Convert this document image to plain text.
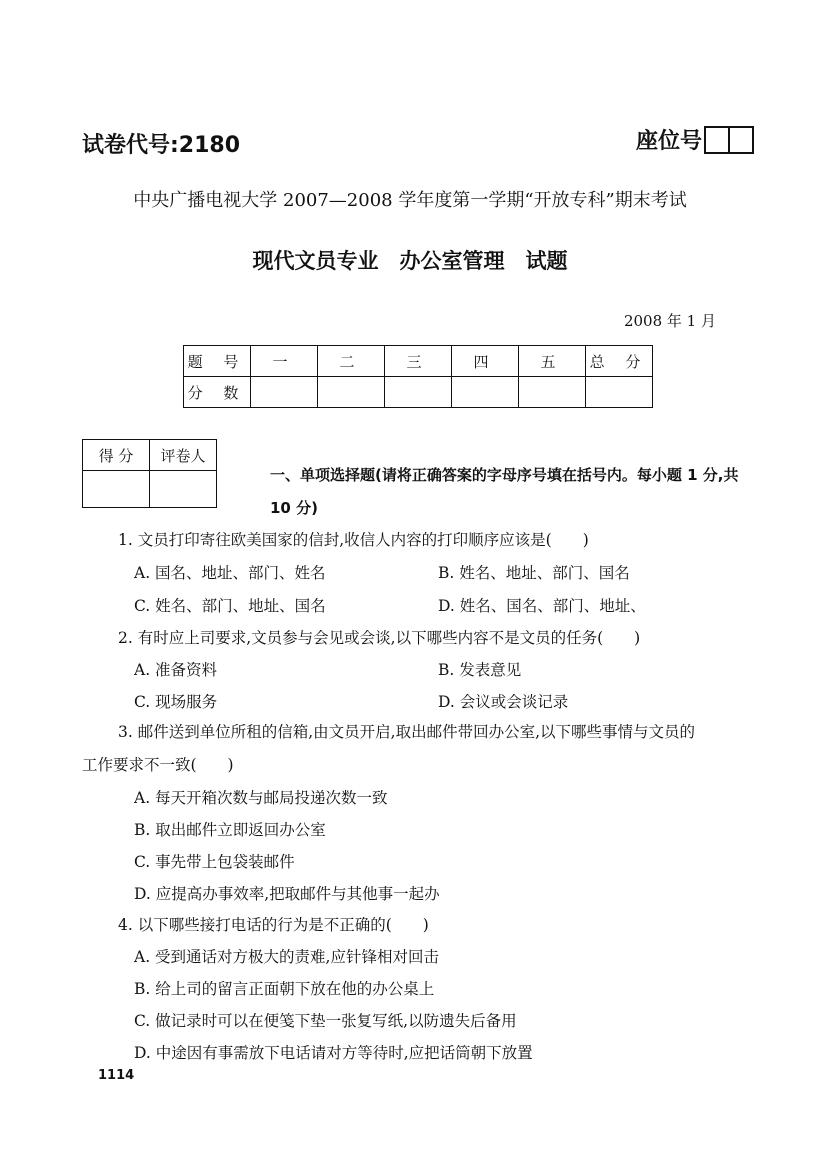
试卷代号:2180	座位号
中央广播电视大学 2007—2008 学年度第一学期“开放专科”期末考试
现代文员专业　办公室管理　试题
2008 年 1 月
题 号	一	二	三	四	五	总 分
分 数						
得 分	评卷人

一、单项选择题(请将正确答案的字母序号填在括号内。每小题 1 分,共 10 分)
1. 文员打印寄往欧美国家的信封,收信人内容的打印顺序应该是(　　)
A. 国名、地址、部门、姓名	B. 姓名、地址、部门、国名
C. 姓名、部门、地址、国名	D. 姓名、国名、部门、地址、
2. 有时应上司要求,文员参与会见或会谈,以下哪些内容不是文员的任务(　　)
A. 准备资料	B. 发表意见
C. 现场服务	D. 会议或会谈记录
3. 邮件送到单位所租的信箱,由文员开启,取出邮件带回办公室,以下哪些事情与文员的
工作要求不一致(　　)
A. 每天开箱次数与邮局投递次数一致
B. 取出邮件立即返回办公室
C. 事先带上包袋装邮件
D. 应提高办事效率,把取邮件与其他事一起办
4. 以下哪些接打电话的行为是不正确的(　　)
A. 受到通话对方极大的责难,应针锋相对回击
B. 给上司的留言正面朝下放在他的办公桌上
C. 做记录时可以在便笺下垫一张复写纸,以防遗失后备用
D. 中途因有事需放下电话请对方等待时,应把话筒朝下放置
1114
